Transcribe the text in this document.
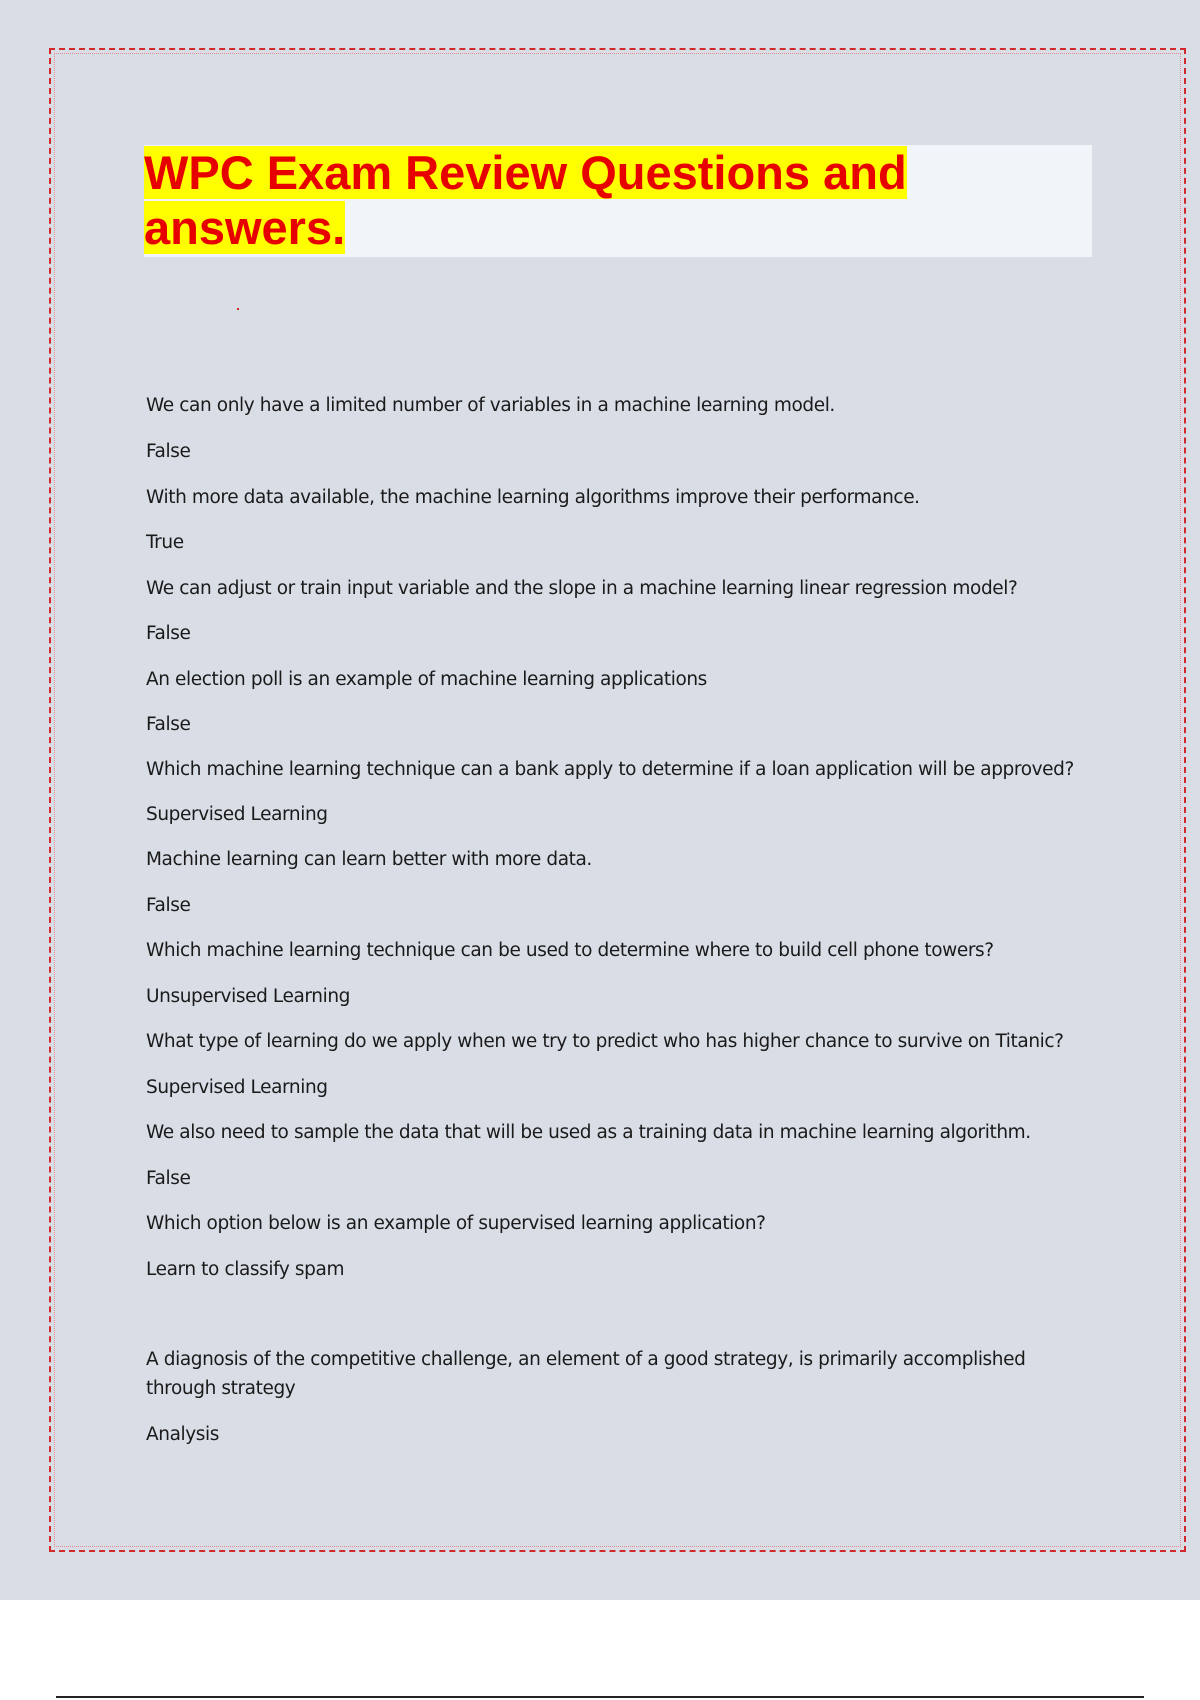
WPC Exam Review Questions and answers.
We can only have a limited number of variables in a machine learning model.
False
With more data available, the machine learning algorithms improve their performance.
True
We can adjust or train input variable and the slope in a machine learning linear regression model?
False
An election poll is an example of machine learning applications
False
Which machine learning technique can a bank apply to determine if a loan application will be approved?
Supervised Learning
Machine learning can learn better with more data.
False
Which machine learning technique can be used to determine where to build cell phone towers?
Unsupervised Learning
What type of learning do we apply when we try to predict who has higher chance to survive on Titanic?
Supervised Learning
We also need to sample the data that will be used as a training data in machine learning algorithm.
False
Which option below is an example of supervised learning application?
Learn to classify spam
A diagnosis of the competitive challenge, an element of a good strategy, is primarily accomplished through strategy
Analysis
